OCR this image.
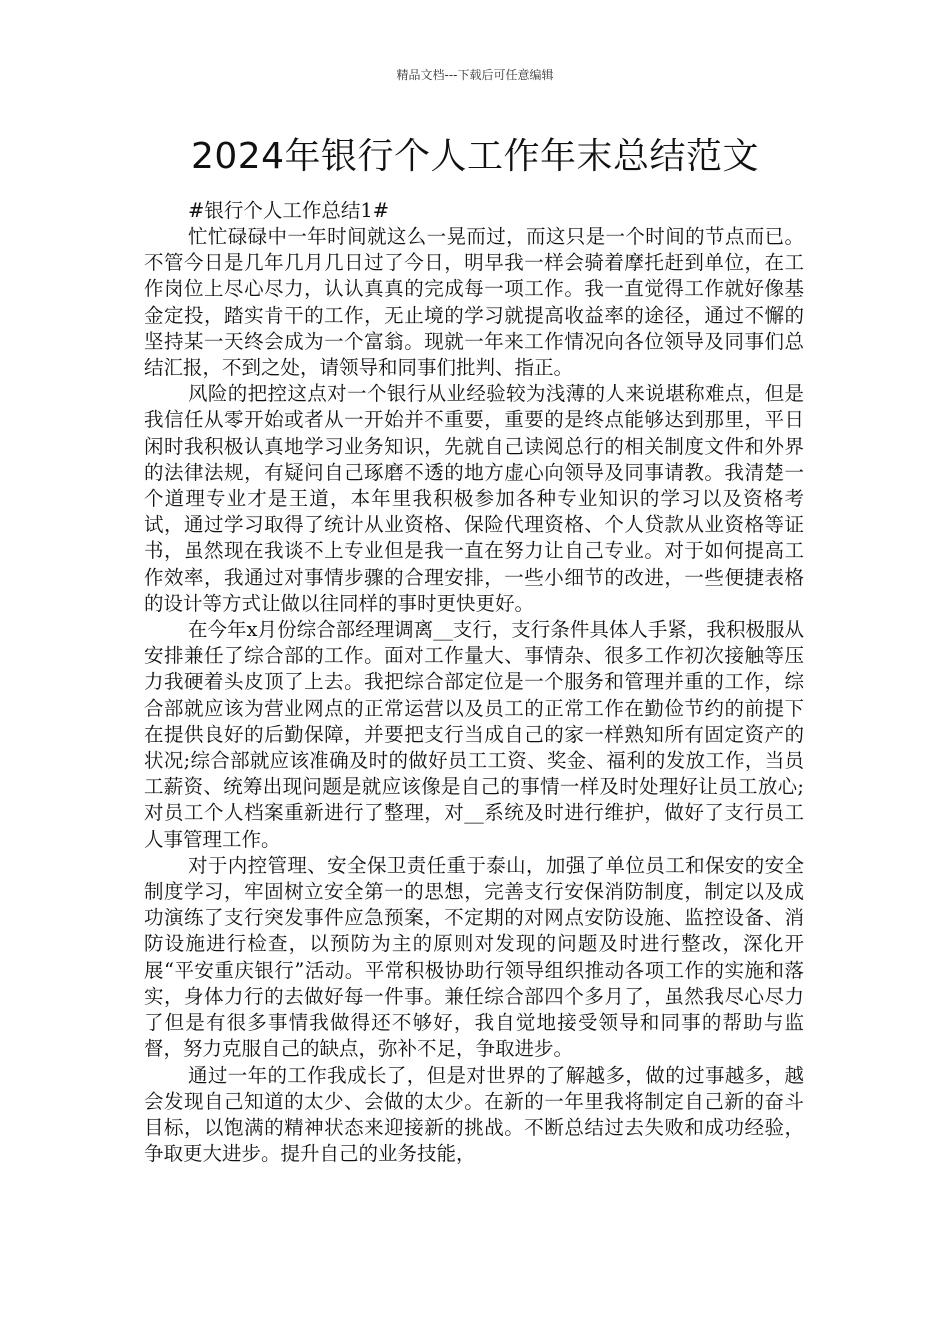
精品文档---下载后可任意编辑
2024年银行个人工作年末总结范文

#银行个人工作总结1#

忙忙碌碌中一年时间就这么一晃而过，而这只是一个时间的节点而已。不管今日是几年几月几日过了今日，明早我一样会骑着摩托赶到单位，在工作岗位上尽心尽力，认认真真的完成每一项工作。我一直觉得工作就好像基金定投，踏实肯干的工作，无止境的学习就提高收益率的途径，通过不懈的坚持某一天终会成为一个富翁。现就一年来工作情况向各位领导及同事们总结汇报，不到之处，请领导和同事们批判、指正。

风险的把控这点对一个银行从业经验较为浅薄的人来说堪称难点，但是我信任从零开始或者从一开始并不重要，重要的是终点能够达到那里，平日闲时我积极认真地学习业务知识，先就自己读阅总行的相关制度文件和外界的法律法规，有疑问自己琢磨不透的地方虚心向领导及同事请教。我清楚一个道理专业才是王道，本年里我积极参加各种专业知识的学习以及资格考试，通过学习取得了统计从业资格、保险代理资格、个人贷款从业资格等证书，虽然现在我谈不上专业但是我一直在努力让自己专业。对于如何提高工作效率，我通过对事情步骤的合理安排，一些小细节的改进，一些便捷表格的设计等方式让做以往同样的事时更快更好。

在今年x月份综合部经理调离__支行，支行条件具体人手紧，我积极服从安排兼任了综合部的工作。面对工作量大、事情杂、很多工作初次接触等压力我硬着头皮顶了上去。我把综合部定位是一个服务和管理并重的工作，综合部就应该为营业网点的正常运营以及员工的正常工作在勤俭节约的前提下在提供良好的后勤保障，并要把支行当成自己的家一样熟知所有固定资产的状况;综合部就应该准确及时的做好员工工资、奖金、福利的发放工作，当员工薪资、统筹出现问题是就应该像是自己的事情一样及时处理好让员工放心;对员工个人档案重新进行了整理，对__系统及时进行维护，做好了支行员工人事管理工作。

对于内控管理、安全保卫责任重于泰山，加强了单位员工和保安的安全制度学习，牢固树立安全第一的思想，完善支行安保消防制度，制定以及成功演练了支行突发事件应急预案，不定期的对网点安防设施、监控设备、消防设施进行检查，以预防为主的原则对发现的问题及时进行整改，深化开展“平安重庆银行”活动。平常积极协助行领导组织推动各项工作的实施和落实，身体力行的去做好每一件事。兼任综合部四个多月了，虽然我尽心尽力了但是有很多事情我做得还不够好，我自觉地接受领导和同事的帮助与监督，努力克服自己的缺点，弥补不足，争取进步。

通过一年的工作我成长了，但是对世界的了解越多，做的过事越多，越会发现自己知道的太少、会做的太少。在新的一年里我将制定自己新的奋斗目标，以饱满的精神状态来迎接新的挑战。不断总结过去失败和成功经验，争取更大进步。提升自己的业务技能，
